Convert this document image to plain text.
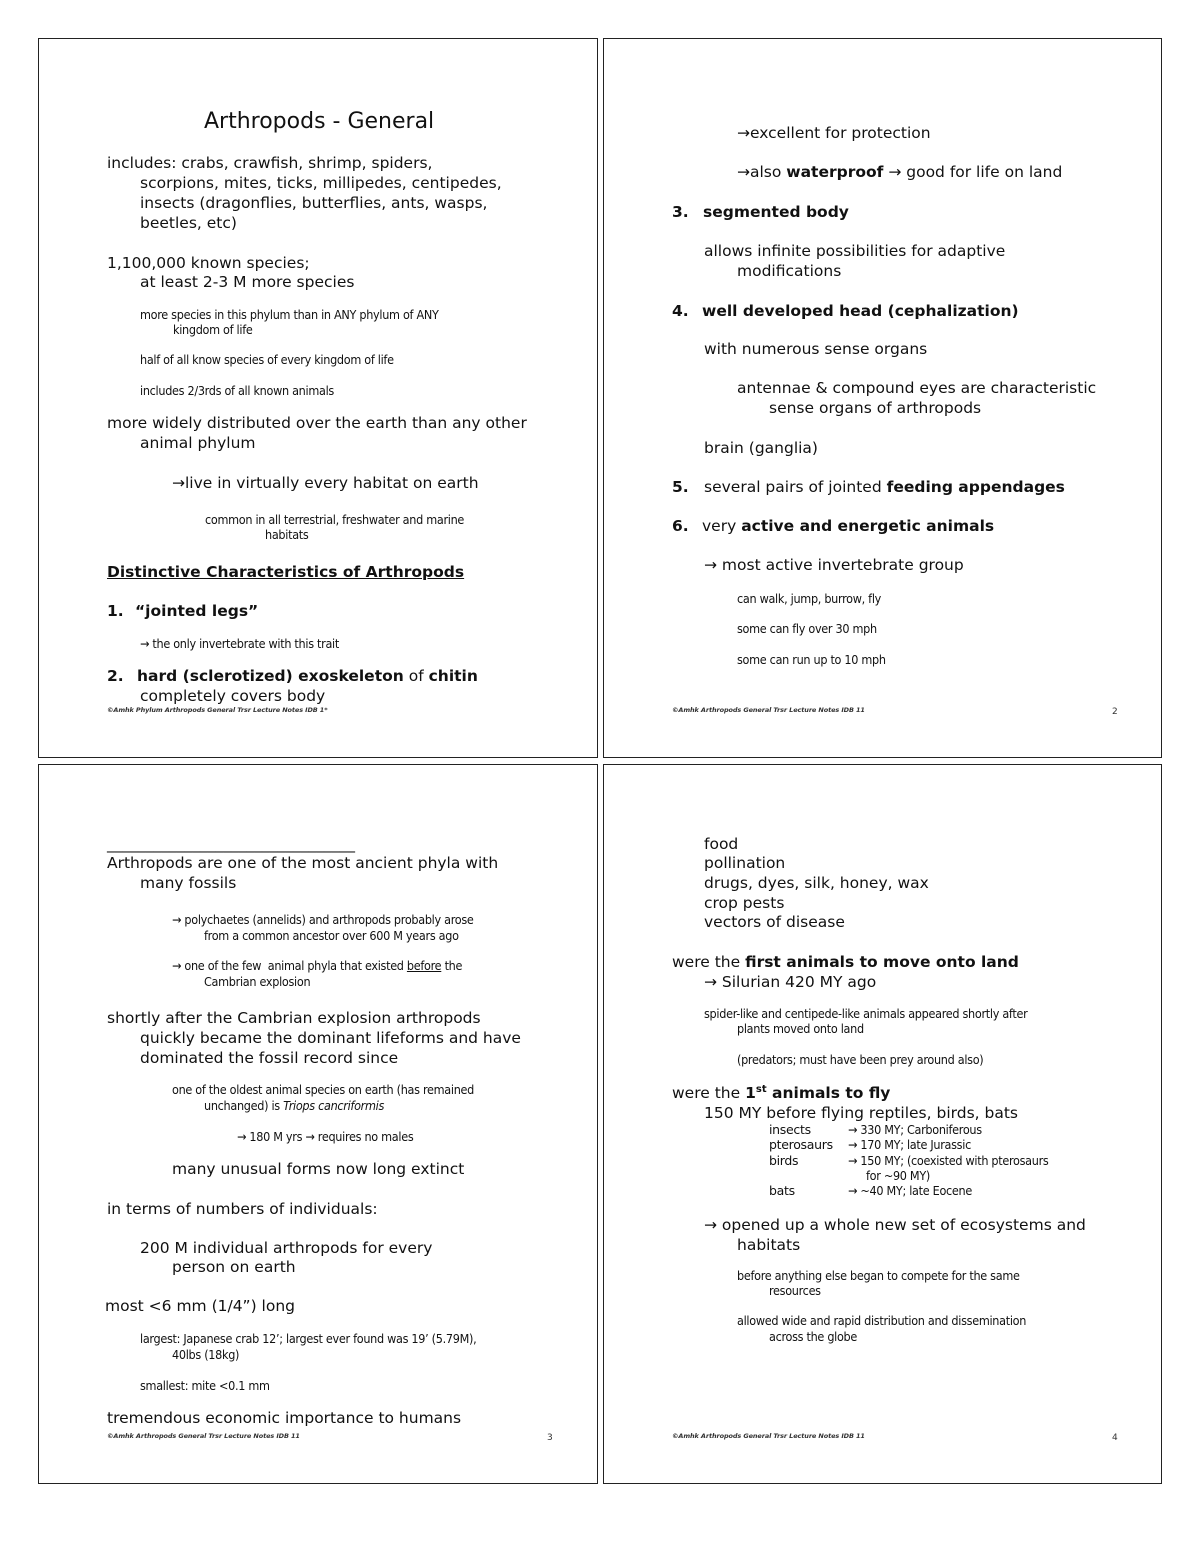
Arthropods - General
includes: crabs, crawfish, shrimp, spiders,
scorpions, mites, ticks, millipedes, centipedes,
insects (dragonflies, butterflies, ants, wasps,
beetles, etc)
1,100,000 known species;
at least 2-3 M more species
more species in this phylum than in ANY phylum of ANY
kingdom of life
half of all know species of every kingdom of life
includes 2/3rds of all known animals
more widely distributed over the earth than any other
animal phylum
→live in virtually every habitat on earth
common in all terrestrial, freshwater and marine
habitats
Distinctive Characteristics of Arthropods
1. “jointed legs”
→ the only invertebrate with this trait
2. hard (sclerotized) exoskeleton of chitin
completely covers body
©Amhk Phylum Arthropods General Trsr Lecture Notes IDB 1*
→excellent for protection
→also waterproof → good for life on land
3. segmented body
allows infinite possibilities for adaptive
modifications
4. well developed head (cephalization)
with numerous sense organs
antennae & compound eyes are characteristic
sense organs of arthropods
brain (ganglia)
5. several pairs of jointed feeding appendages
6. very active and energetic animals
→ most active invertebrate group
can walk, jump, burrow, fly
some can fly over 30 mph
some can run up to 10 mph
©Amhk Arthropods General Trsr Lecture Notes IDB 11	2
________________________________
Arthropods are one of the most ancient phyla with
many fossils
→ polychaetes (annelids) and arthropods probably arose
from a common ancestor over 600 M years ago
→ one of the few  animal phyla that existed before the
Cambrian explosion
shortly after the Cambrian explosion arthropods
quickly became the dominant lifeforms and have
dominated the fossil record since
one of the oldest animal species on earth (has remained
unchanged) is Triops cancriformis
→ 180 M yrs → requires no males
many unusual forms now long extinct
in terms of numbers of individuals:
200 M individual arthropods for every
person on earth
most <6 mm (1/4”) long
largest: Japanese crab 12’; largest ever found was 19’ (5.79M),
40lbs (18kg)
smallest: mite <0.1 mm
tremendous economic importance to humans
©Amhk Arthropods General Trsr Lecture Notes IDB 11	3
food
pollination
drugs, dyes, silk, honey, wax
crop pests
vectors of disease
were the first animals to move onto land
→ Silurian 420 MY ago
spider-like and centipede-like animals appeared shortly after
plants moved onto land
(predators; must have been prey around also)
were the 1st animals to fly
150 MY before flying reptiles, birds, bats
insects	→ 330 MY; Carboniferous
pterosaurs → 170 MY; late Jurassic
birds	→ 150 MY; (coexisted with pterosaurs
for ~90 MY)
bats	→ ~40 MY; late Eocene
→ opened up a whole new set of ecosystems and
habitats
before anything else began to compete for the same
resources
allowed wide and rapid distribution and dissemination
across the globe
©Amhk Arthropods General Trsr Lecture Notes IDB 11	4
